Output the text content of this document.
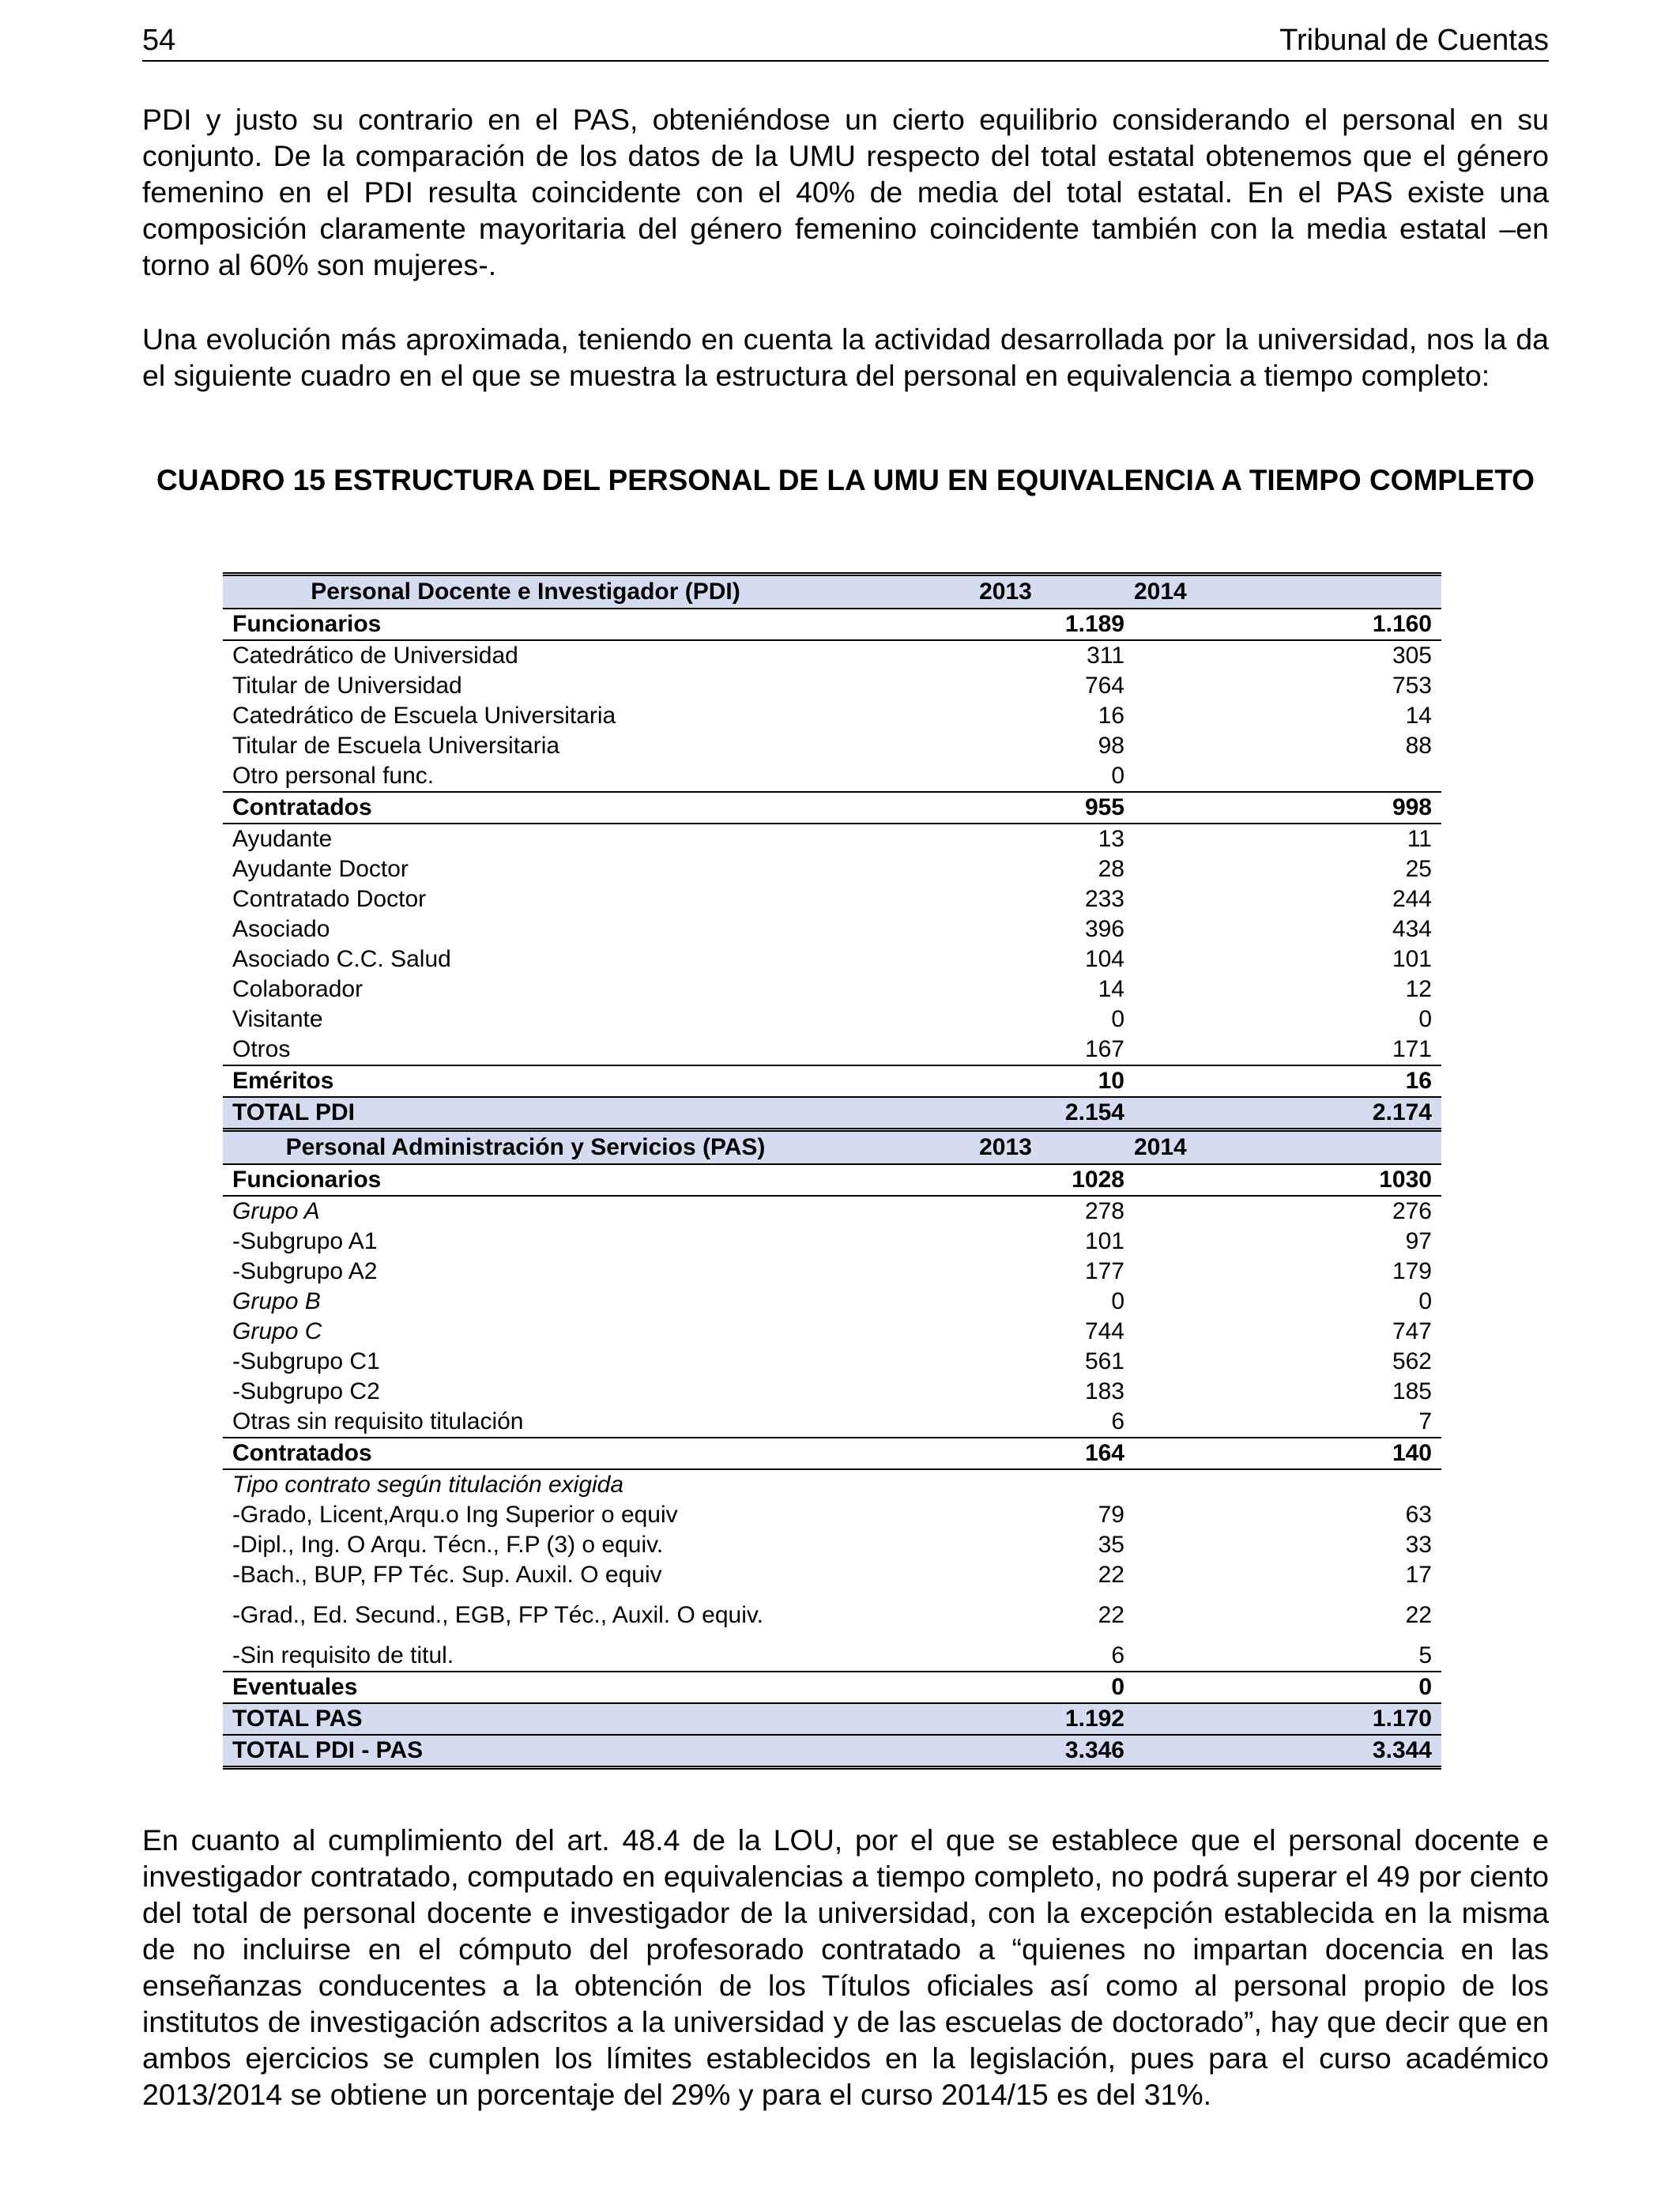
54	Tribunal de Cuentas

PDI y justo su contrario en el PAS, obteniéndose un cierto equilibrio considerando el personal en su conjunto. De la comparación de los datos de la UMU respecto del total estatal obtenemos que el género femenino en el PDI resulta coincidente con el 40% de media del total estatal. En el PAS existe una composición claramente mayoritaria del género femenino coincidente también con la media estatal –en torno al 60% son mujeres-.

Una evolución más aproximada, teniendo en cuenta la actividad desarrollada por la universidad, nos la da el siguiente cuadro en el que se muestra la estructura del personal en equivalencia a tiempo completo:

CUADRO 15 ESTRUCTURA DEL PERSONAL DE LA UMU EN EQUIVALENCIA A TIEMPO COMPLETO
Personal Docente e Investigador (PDI)		2013	2014
Funcionarios		1.189	1.160
Catedrático de Universidad		311	305
Titular de Universidad		764	753
Catedrático de Escuela Universitaria		16	14
Titular de Escuela Universitaria		98	88
Otro personal func.		0	
Contratados		955	998
Ayudante		13	11
Ayudante Doctor		28	25
Contratado Doctor		233	244
Asociado		396	434
Asociado C.C. Salud		104	101
Colaborador		14	12
Visitante		0	0
Otros		167	171
Eméritos		10	16
TOTAL PDI		2.154	2.174
Personal Administración y Servicios (PAS)		2013	2014
Funcionarios		1028	1030
Grupo A		278	276
-Subgrupo A1		101	97
-Subgrupo A2		177	179
Grupo B		0	0
Grupo C		744	747
-Subgrupo C1		561	562
-Subgrupo C2		183	185
Otras sin requisito titulación		6	7
Contratados		164	140
Tipo contrato según titulación exigida			
-Grado, Licent,Arqu.o Ing Superior o equiv		79	63
-Dipl., Ing. O Arqu. Técn., F.P (3) o equiv.		35	33
-Bach., BUP, FP Téc. Sup. Auxil. O equiv		22	17
-Grad., Ed. Secund., EGB, FP Téc., Auxil. O equiv.		22	22
-Sin requisito de titul.		6	5
Eventuales		0	0
TOTAL PAS		1.192	1.170
TOTAL PDI - PAS		3.346	3.344

En cuanto al cumplimiento del art. 48.4 de la LOU, por el que se establece que el personal docente e investigador contratado, computado en equivalencias a tiempo completo, no podrá superar el 49 por ciento del total de personal docente e investigador de la universidad, con la excepción establecida en la misma de no incluirse en el cómputo del profesorado contratado a “quienes no impartan docencia en las enseñanzas conducentes a la obtención de los Títulos oficiales así como al personal propio de los institutos de investigación adscritos a la universidad y de las escuelas de doctorado”, hay que decir que en ambos ejercicios se cumplen los límites establecidos en la legislación, pues para el curso académico 2013/2014 se obtiene un porcentaje del 29% y para el curso 2014/15 es del 31%.
